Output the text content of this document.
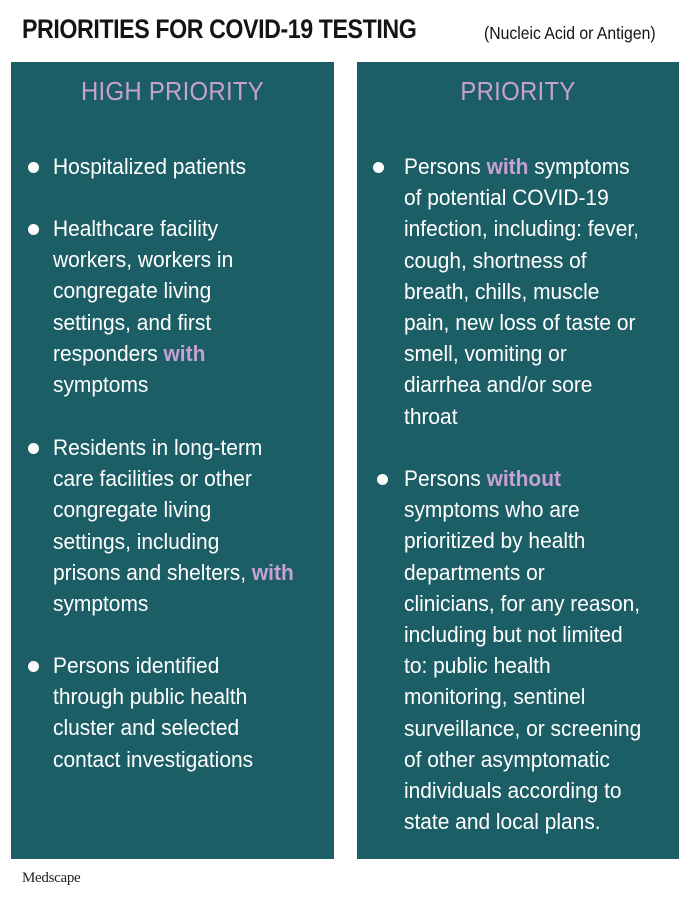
PRIORITIES FOR COVID-19 TESTING	(Nucleic Acid or Antigen)
HIGH PRIORITY
Hospitalized patients
Healthcare facility
workers, workers in
congregate living
settings, and first
responders with
symptoms
Residents in long-term
care facilities or other
congregate living
settings, including
prisons and shelters, with
symptoms
Persons identified
through public health
cluster and selected
contact investigations
PRIORITY
Persons with symptoms
of potential COVID-19
infection, including: fever,
cough, shortness of
breath, chills, muscle
pain, new loss of taste or
smell, vomiting or
diarrhea and/or sore
throat
Persons without
symptoms who are
prioritized by health
departments or
clinicians, for any reason,
including but not limited
to: public health
monitoring, sentinel
surveillance, or screening
of other asymptomatic
individuals according to
state and local plans.
Medscape
